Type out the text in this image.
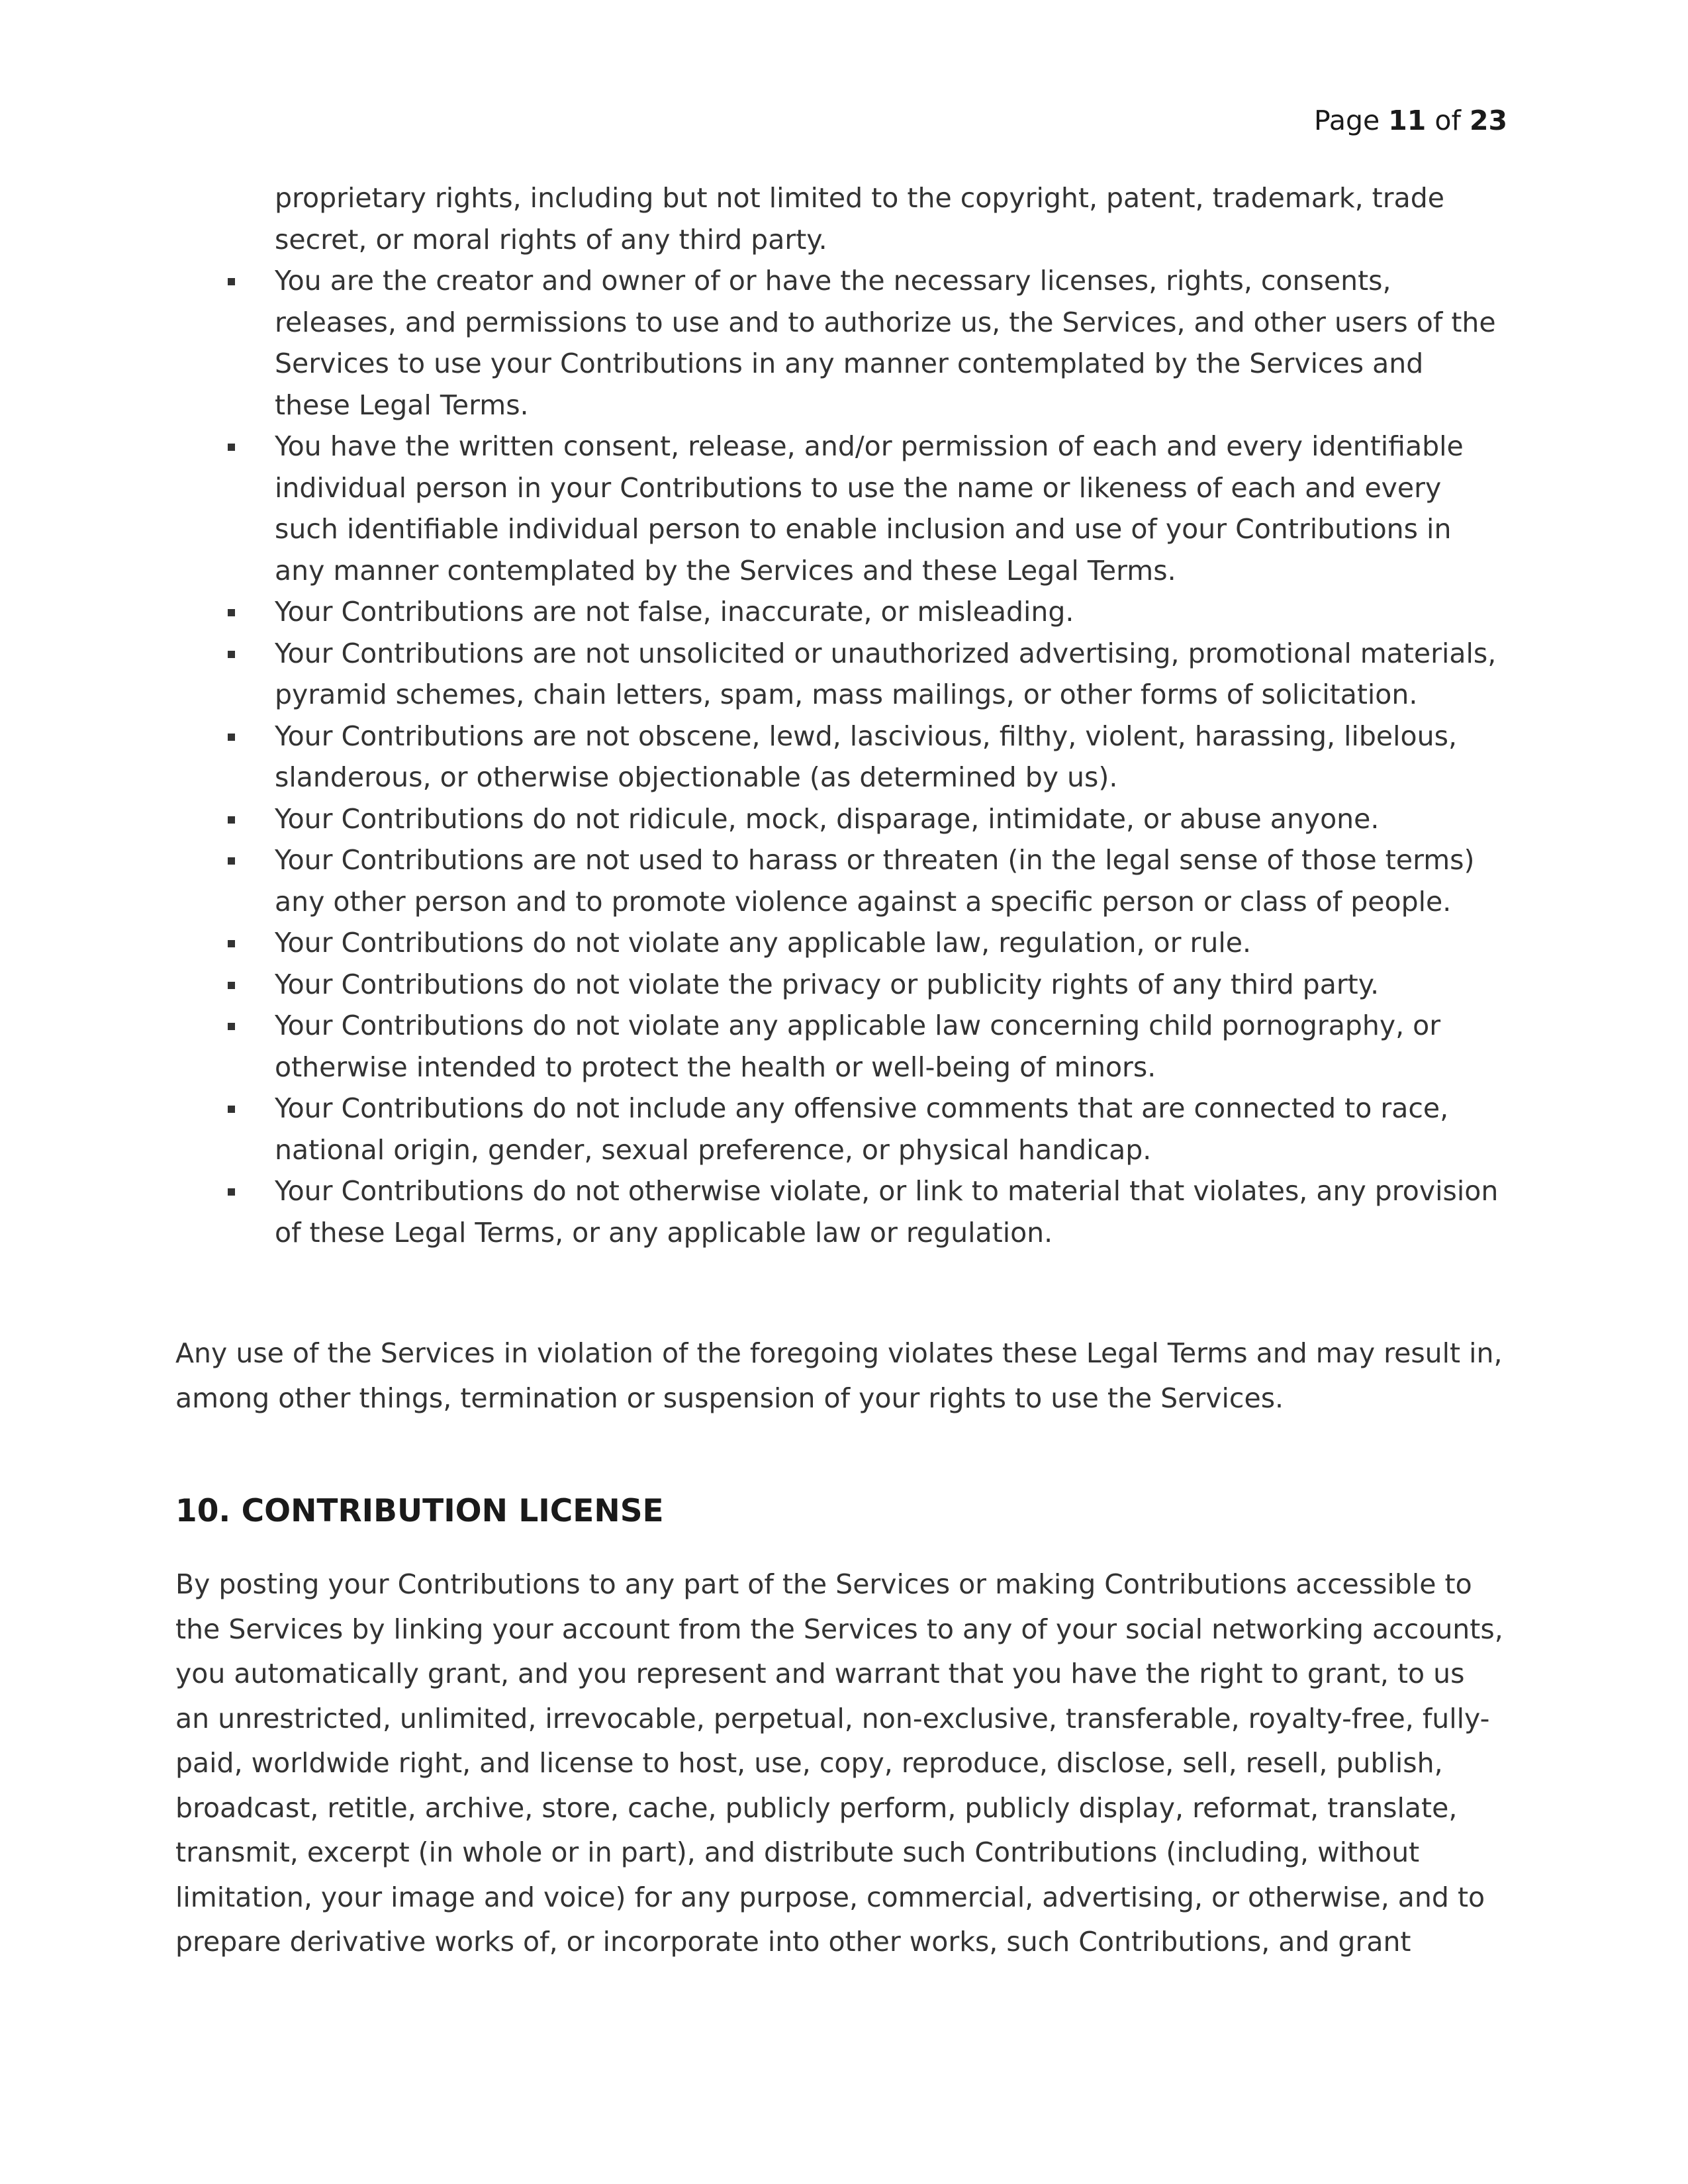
Page 11 of 23
proprietary rights, including but not limited to the copyright, patent, trademark, trade secret, or moral rights of any third party.
You are the creator and owner of or have the necessary licenses, rights, consents, releases, and permissions to use and to authorize us, the Services, and other users of the Services to use your Contributions in any manner contemplated by the Services and these Legal Terms.
You have the written consent, release, and/or permission of each and every identifiable individual person in your Contributions to use the name or likeness of each and every such identifiable individual person to enable inclusion and use of your Contributions in any manner contemplated by the Services and these Legal Terms.
Your Contributions are not false, inaccurate, or misleading.
Your Contributions are not unsolicited or unauthorized advertising, promotional materials, pyramid schemes, chain letters, spam, mass mailings, or other forms of solicitation.
Your Contributions are not obscene, lewd, lascivious, filthy, violent, harassing, libelous, slanderous, or otherwise objectionable (as determined by us).
Your Contributions do not ridicule, mock, disparage, intimidate, or abuse anyone.
Your Contributions are not used to harass or threaten (in the legal sense of those terms) any other person and to promote violence against a specific person or class of people.
Your Contributions do not violate any applicable law, regulation, or rule.
Your Contributions do not violate the privacy or publicity rights of any third party.
Your Contributions do not violate any applicable law concerning child pornography, or otherwise intended to protect the health or well-being of minors.
Your Contributions do not include any offensive comments that are connected to race, national origin, gender, sexual preference, or physical handicap.
Your Contributions do not otherwise violate, or link to material that violates, any provision of these Legal Terms, or any applicable law or regulation.

Any use of the Services in violation of the foregoing violates these Legal Terms and may result in, among other things, termination or suspension of your rights to use the Services.

10. CONTRIBUTION LICENSE

By posting your Contributions to any part of the Services or making Contributions accessible to the Services by linking your account from the Services to any of your social networking accounts, you automatically grant, and you represent and warrant that you have the right to grant, to us an unrestricted, unlimited, irrevocable, perpetual, non-exclusive, transferable, royalty-free, fully-paid, worldwide right, and license to host, use, copy, reproduce, disclose, sell, resell, publish, broadcast, retitle, archive, store, cache, publicly perform, publicly display, reformat, translate, transmit, excerpt (in whole or in part), and distribute such Contributions (including, without limitation, your image and voice) for any purpose, commercial, advertising, or otherwise, and to prepare derivative works of, or incorporate into other works, such Contributions, and grant
